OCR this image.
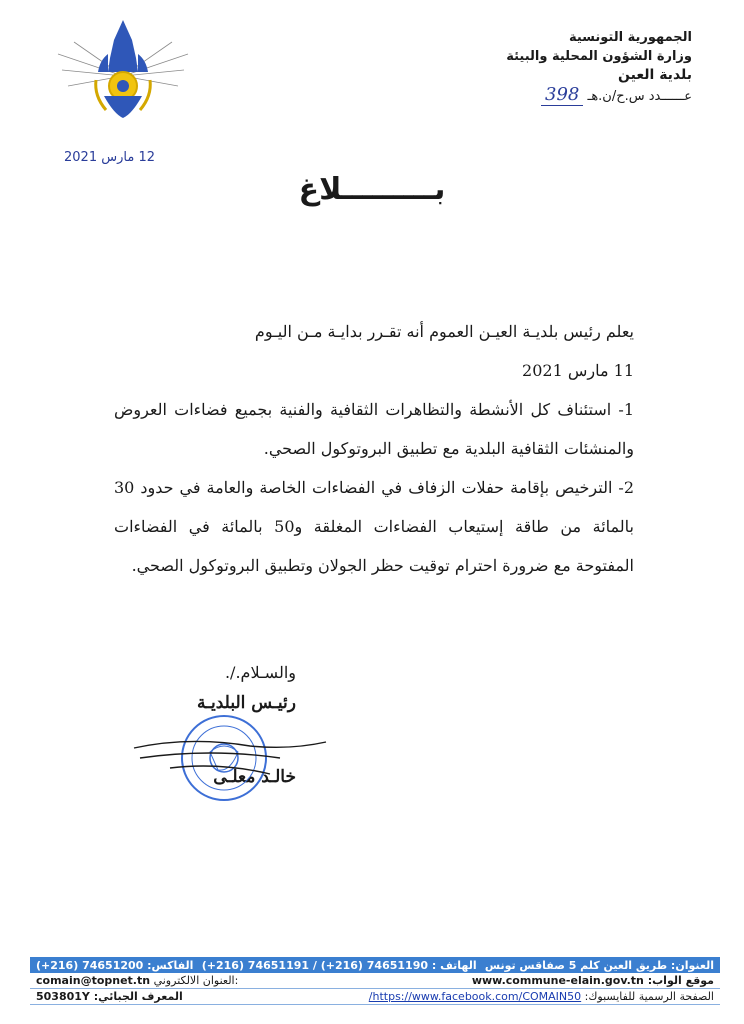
الجمهورية التونسية
وزارة الشؤون المحلية والبيئة
بلدية العين
عــــــدد س.ح/ن.هـ 398
12 مارس 2021
بـــــــــلاغ

يعلم رئيس بلديـة العيـن العموم أنه تقـرر بدايـة مـن اليـوم

11 مارس 2021

1- استئناف كل الأنشطة والتظاهرات الثقافية والفنية بجميع فضاءات العروض والمنشئات الثقافية البلدية مع تطبيق البروتوكول الصحي.

2- الترخيص بإقامة حفلات الزفاف في الفضاءات الخاصة والعامة في حدود 30 بالمائة من طاقة إستيعاب الفضاءات المغلقة و50 بالمائة في الفضاءات المفتوحة مع ضرورة احترام توقيت حظر الجولان وتطبيق البروتوكول الصحي.

والسـلام./.
رئيـس البلديـة
خالـد معلـى
الفاكس: 74651200 (216+) الهاتف : 74651190 (216+) / 74651191 (216+) العنوان: طريق العين كلم 5 صفاقس تونس
comain@topnet.tn العنوان الالكتروني:	موقع الواب: www.commune-elain.gov.tn
المعرف الجبائي: 503801Y	الصفحة الرسمية للفايسبوك: https://www.facebook.com/COMAIN50/
